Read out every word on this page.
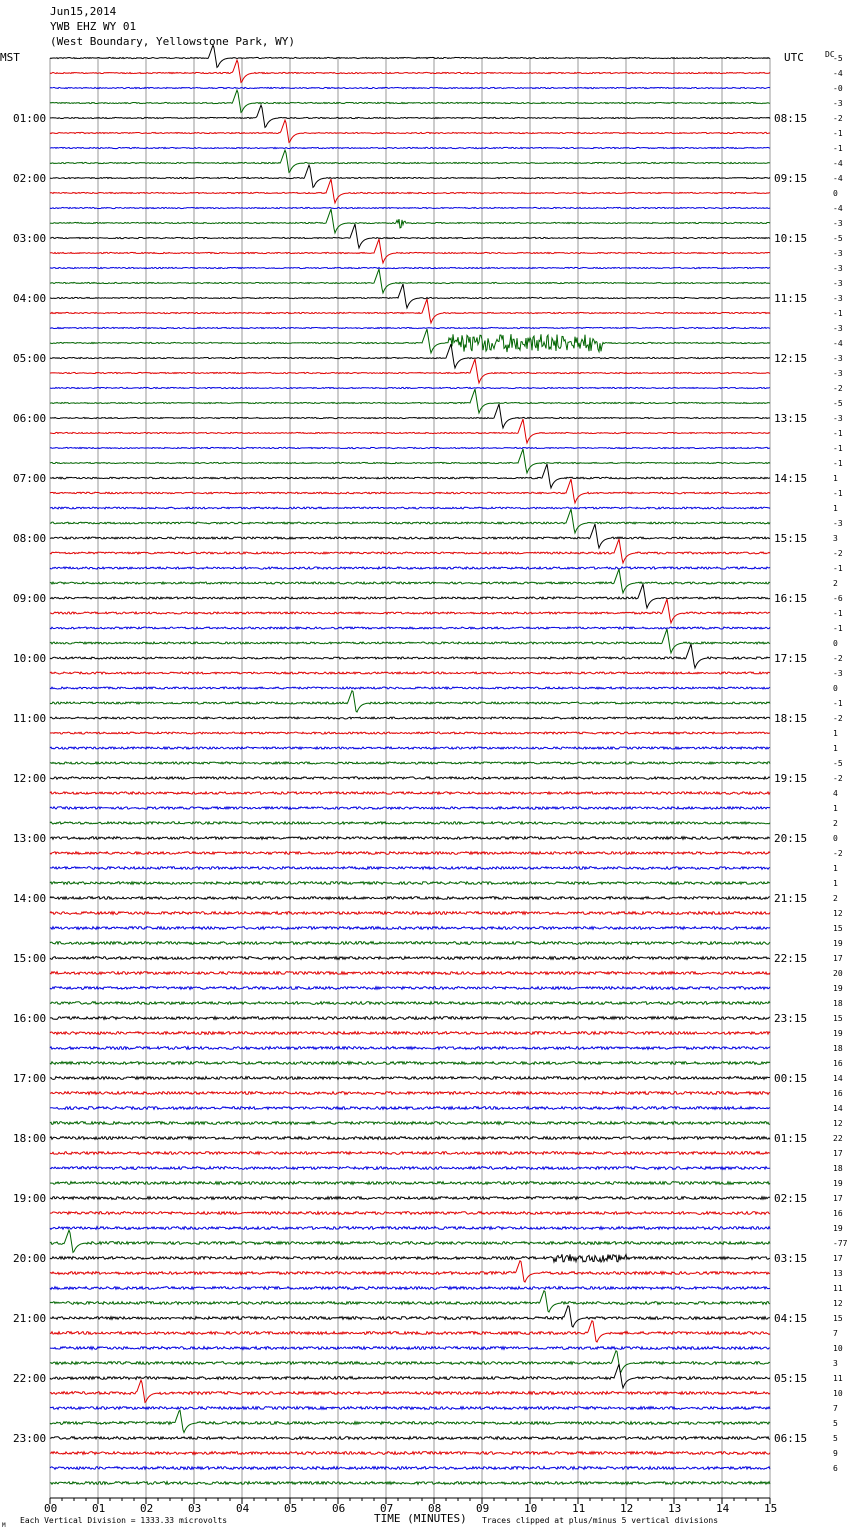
Jun15,2014
YWB EHZ WY 01
(West Boundary, Yellowstone Park, WY)
00	01	02	03	04	05	06	07	08	09	10	11	12	13	14	15
01:00
02:00
03:00
04:00
05:00
06:00
07:00
08:00
09:00
10:00
11:00
12:00
13:00
14:00
15:00
16:00
17:00
18:00
19:00
20:00
21:00
22:00
23:00
08:15
09:15
10:15
11:15
12:15
13:15
14:15
15:15
16:15
17:15
18:15
19:15
20:15
21:15
22:15
23:15
00:15
01:15
02:15
03:15
04:15
05:15
06:15
-5
-4
-0
-3
-2
-1
-1
-4
-4
0
-4
-3
-5
-3
-3
-3
-3
-1
-3
-4
-3
-3
-2
-5
-3
-1
-1
-1
1
-1
1
-3
3
-2
-1
2
-6
-1
-1
0
-2
-3
0
-1
-2
1
1
-5
-2
4
1
2
0
-2
1
1
2
12
15
19
17
20
19
18
15
19
18
16
14
16
14
12
22
17
18
19
17
16
19
-77
17
13
11
12
15
7
10
3
11
10
7
5
5
9
6
MST	UTC	DC
TIME (MINUTES)
Each Vertical Division = 1333.33 microvolts	Traces clipped at plus/minus 5 vertical divisions
M
